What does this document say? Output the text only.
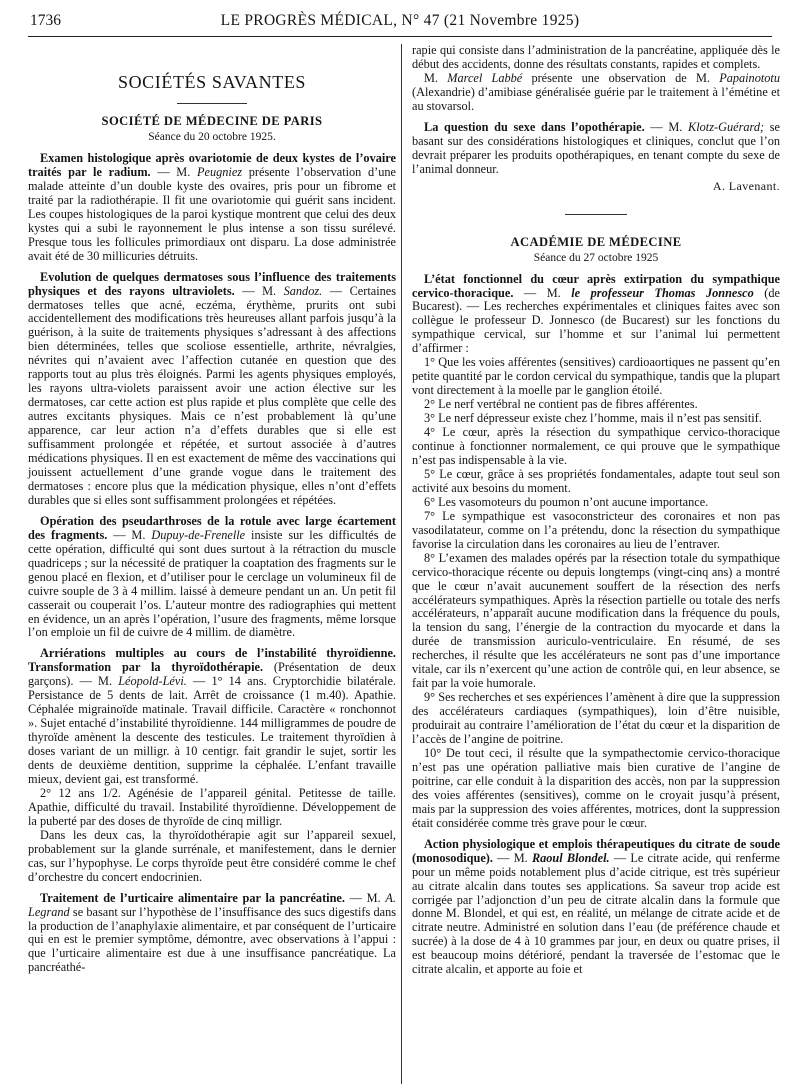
1736	LE PROGRÈS MÉDICAL, N° 47 (21 Novembre 1925)
SOCIÉTÉS SAVANTES
SOCIÉTÉ DE MÉDECINE DE PARIS
Séance du 20 octobre 1925.

Examen histologique après ovariotomie de deux kystes de l’ovaire traités par le radium. — M. Peugniez présente l’observation d’une malade atteinte d’un double kyste des ovaires, pris pour un fibrome et traité par la radiothérapie. Il fit une ovariotomie qui guérit sans incident. Les coupes histologiques de la paroi kystique montrent que celui des deux kystes qui a subi le rayonnement le plus intense a son tissu surélevé. Presque tous les follicules primordiaux ont disparu. La dose administrée avait été de 30 millicuries détruits.

Evolution de quelques dermatoses sous l’influence des traitements physiques et des rayons ultraviolets. — M. Sandoz. — Certaines dermatoses telles que acné, eczéma, érythème, prurits ont subi accidentellement des modifications très heureuses allant parfois jusqu’à la guérison, à la suite de traitements physiques s’adressant à des affections bien déterminées, telles que scoliose essentielle, arthrite, névralgies, névrites qui n’avaient avec l’affection cutanée en question que des rapports tout au plus très éloignés. Parmi les agents physiques employés, les rayons ultra-violets paraissent avoir une action élective sur les dermatoses, car cette action est plus rapide et plus complète que celle des autres excitants physiques. Mais ce n’est probablement là qu’une apparence, car leur action n’a d’effets durables que si elle est suffisamment prolongée et répétée, et surtout associée à d’autres médications physiques. Il en est exactement de même des vaccinations qui jouissent actuellement d’une grande vogue dans le traitement des dermatoses : encore plus que la médication physique, elles n’ont d’effets durables que si elles sont suffisamment prolongées et répétées.

Opération des pseudarthroses de la rotule avec large écartement des fragments. — M. Dupuy-de-Frenelle insiste sur les difficultés de cette opération, difficulté qui sont dues surtout à la rétraction du muscle quadriceps ; sur la nécessité de pratiquer la coaptation des fragments sur le genou placé en flexion, et d’utiliser pour le cerclage un volumineux fil de cuivre souple de 3 à 4 millim. laissé à demeure pendant un an. Un petit fil casserait ou couperait l’os. L’auteur montre des radiographies qui mettent en évidence, un an après l’opération, l’usure des fragments, même lorsque l’on emploie un fil de cuivre de 4 millim. de diamètre.

Arriérations multiples au cours de l’instabilité thyroïdienne. Transformation par la thyroïdothérapie. (Présentation de deux garçons). — M. Léopold-Lévi. — 1° 14 ans. Cryptorchidie bilatérale. Persistance de 5 dents de lait. Arrêt de croissance (1 m.40). Apathie. Céphalée migrainoïde matinale. Travail difficile. Caractère « ronchonnot ». Sujet entaché d’instabilité thyroïdienne. 144 milligrammes de poudre de thyroïde amènent la descente des testicules. Le traitement thyroïdien à doses variant de un milligr. à 10 centigr. fait grandir le sujet, sortir les dents de deuxième dentition, supprime la céphalée. L’enfant travaille mieux, devient gai, est transformé.

2° 12 ans 1/2. Agénésie de l’appareil génital. Petitesse de taille. Apathie, difficulté du travail. Instabilité thyroïdienne. Développement de la puberté par des doses de thyroïde de cinq milligr.

Dans les deux cas, la thyroïdothérapie agit sur l’appareil sexuel, probablement sur la glande surrénale, et manifestement, dans le dernier cas, sur l’hypophyse. Le corps thyroïde peut être considéré comme le chef d’orchestre du concert endocrinien.

Traitement de l’urticaire alimentaire par la pancréatine. — M. A. Legrand se basant sur l’hypothèse de l’insuffisance des sucs digestifs dans la production de l’anaphylaxie alimentaire, et par conséquent de l’urticaire qui en est le premier symptôme, démontre, avec observations à l’appui : que l’urticaire alimentaire est due à une insuffisance pancréatique. La pancréathé-

rapie qui consiste dans l’administration de la pancréatine, appliquée dès le début des accidents, donne des résultats constants, rapides et complets.

M. Marcel Labbé présente une observation de M. Papainototu (Alexandrie) d’amibiase généralisée guérie par le traitement à l’émétine et au stovarsol.

La question du sexe dans l’opothérapie. — M. Klotz-Guérard; se basant sur des considérations histologiques et cliniques, conclut que l’on devrait préparer les produits opothérapiques, en tenant compte du sexe de l’animal donneur.

A. Lavenant.
ACADÉMIE DE MÉDECINE
Séance du 27 octobre 1925

L’état fonctionnel du cœur après extirpation du sympathique cervico-thoracique. — M. le professeur Thomas Jonnesco (de Bucarest). — Les recherches expérimentales et cliniques faites avec son collègue le professeur D. Jonnesco (de Bucarest) sur les fonctions du sympathique cervical, sur l’homme et sur l’animal lui permettent d’affirmer :

1° Que les voies afférentes (sensitives) cardioaortiques ne passent qu’en petite quantité par le cordon cervical du sympathique, tandis que la plupart vont directement à la moelle par le ganglion étoilé.

2° Le nerf vertébral ne contient pas de fibres afférentes.

3° Le nerf dépresseur existe chez l’homme, mais il n’est pas sensitif.

4° Le cœur, après la résection du sympathique cervico-thoracique continue à fonctionner normalement, ce qui prouve que le sympathique n’est pas indispensable à la vie.

5° Le cœur, grâce à ses propriétés fondamentales, adapte tout seul son activité aux besoins du moment.

6° Les vasomoteurs du poumon n’ont aucune importance.

7° Le sympathique est vasoconstricteur des coronaires et non pas vasodilatateur, comme on l’a prétendu, donc la résection du sympathique favorise la circulation dans les coronaires au lieu de l’entraver.

8° L’examen des malades opérés par la résection totale du sympathique cervico-thoracique récente ou depuis longtemps (vingt-cinq ans) a montré que le cœur n’avait aucunement souffert de la résection des nerfs accélérateurs sympathiques. Après la résection partielle ou totale des nerfs accélérateurs, n’apparaît aucune modification dans la fréquence du pouls, la tension du sang, l’énergie de la contraction du myocarde et dans la durée de transmission auriculo-ventriculaire. En résumé, de ses recherches, il résulte que les accélérateurs ne sont pas d’une importance vitale, car ils n’exercent qu’une action de contrôle qui, en leur absence, se fait par la voie humorale.

9° Ses recherches et ses expériences l’amènent à dire que la suppression des accélérateurs cardiaques (sympathiques), loin d’être nuisible, produirait au contraire l’amélioration de l’état du cœur et la disparition de l’accès de l’angine de poitrine.

10° De tout ceci, il résulte que la sympathectomie cervico-thoracique n’est pas une opération palliative mais bien curative de l’angine de poitrine, car elle conduit à la disparition des accès, non par la suppression des voies afférentes (sensitives), comme on le croyait jusqu’à présent, mais par la suppression des voies afférentes, motrices, dont la suppression était considérée comme très grave pour le cœur.

Action physiologique et emplois thérapeutiques du citrate de soude (monosodique). — M. Raoul Blondel. — Le citrate acide, qui renferme pour un même poids notablement plus d’acide citrique, est très supérieur au citrate alcalin dans toutes ses applications. Sa saveur trop acide est corrigée par l’adjonction d’un peu de citrate alcalin dans la formule que donne M. Blondel, et qui est, en réalité, un mélange de citrate acide et de citrate neutre. Administré en solution dans l’eau (de préférence chaude et sucrée) à la dose de 4 à 10 grammes par jour, en deux ou quatre prises, il est beaucoup moins détérioré, pendant la traversée de l’estomac que le citrate alcalin, et apporte au foie et
